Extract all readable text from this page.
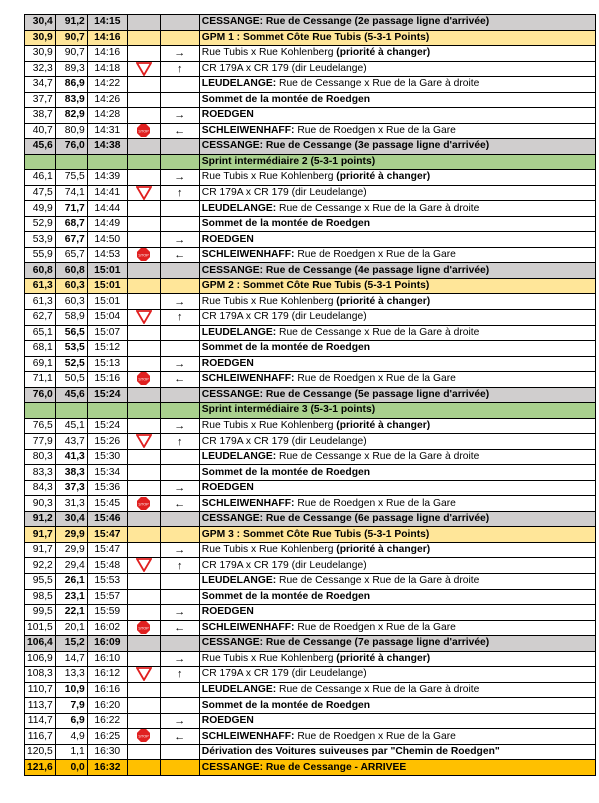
30,4	91,2	14:15			CESSANGE: Rue de Cessange (2e passage ligne d'arrivée)
30,9	90,7	14:16			GPM 1 : Sommet Côte Rue Tubis (5-3-1 Points)
30,9	90,7	14:16		→	Rue Tubis x Rue Kohlenberg (priorité à changer)
32,3	89,3	14:18		↑	CR 179A x CR 179 (dir Leudelange)
34,7	86,9	14:22			LEUDELANGE: Rue de Cessange x Rue de la Gare à droite
37,7	83,9	14:26			Sommet de la montée de Roedgen
38,7	82,9	14:28		→	ROEDGEN
40,7	80,9	14:31	STOP	←	SCHLEIWENHAFF: Rue de Roedgen x Rue de la Gare
45,6	76,0	14:38			CESSANGE: Rue de Cessange (3e passage ligne d'arrivée)
					Sprint intermédiaire 2 (5-3-1 points)
46,1	75,5	14:39		→	Rue Tubis x Rue Kohlenberg (priorité à changer)
47,5	74,1	14:41		↑	CR 179A x CR 179 (dir Leudelange)
49,9	71,7	14:44			LEUDELANGE: Rue de Cessange x Rue de la Gare à droite
52,9	68,7	14:49			Sommet de la montée de Roedgen
53,9	67,7	14:50		→	ROEDGEN
55,9	65,7	14:53	STOP	←	SCHLEIWENHAFF: Rue de Roedgen x Rue de la Gare
60,8	60,8	15:01			CESSANGE: Rue de Cessange (4e passage ligne d'arrivée)
61,3	60,3	15:01			GPM 2 : Sommet Côte Rue Tubis (5-3-1 Points)
61,3	60,3	15:01		→	Rue Tubis x Rue Kohlenberg (priorité à changer)
62,7	58,9	15:04		↑	CR 179A x CR 179 (dir Leudelange)
65,1	56,5	15:07			LEUDELANGE: Rue de Cessange x Rue de la Gare à droite
68,1	53,5	15:12			Sommet de la montée de Roedgen
69,1	52,5	15:13		→	ROEDGEN
71,1	50,5	15:16	STOP	←	SCHLEIWENHAFF: Rue de Roedgen x Rue de la Gare
76,0	45,6	15:24			CESSANGE: Rue de Cessange (5e passage ligne d'arrivée)
					Sprint intermédiaire 3 (5-3-1 points)
76,5	45,1	15:24		→	Rue Tubis x Rue Kohlenberg (priorité à changer)
77,9	43,7	15:26		↑	CR 179A x CR 179 (dir Leudelange)
80,3	41,3	15:30			LEUDELANGE: Rue de Cessange x Rue de la Gare à droite
83,3	38,3	15:34			Sommet de la montée de Roedgen
84,3	37,3	15:36		→	ROEDGEN
90,3	31,3	15:45	STOP	←	SCHLEIWENHAFF: Rue de Roedgen x Rue de la Gare
91,2	30,4	15:46			CESSANGE: Rue de Cessange (6e passage ligne d'arrivée)
91,7	29,9	15:47			GPM 3 : Sommet Côte Rue Tubis (5-3-1 Points)
91,7	29,9	15:47		→	Rue Tubis x Rue Kohlenberg (priorité à changer)
92,2	29,4	15:48		↑	CR 179A x CR 179 (dir Leudelange)
95,5	26,1	15:53			LEUDELANGE: Rue de Cessange x Rue de la Gare à droite
98,5	23,1	15:57			Sommet de la montée de Roedgen
99,5	22,1	15:59		→	ROEDGEN
101,5	20,1	16:02	STOP	←	SCHLEIWENHAFF: Rue de Roedgen x Rue de la Gare
106,4	15,2	16:09			CESSANGE: Rue de Cessange (7e passage ligne d'arrivée)
106,9	14,7	16:10		→	Rue Tubis x Rue Kohlenberg (priorité à changer)
108,3	13,3	16:12		↑	CR 179A x CR 179 (dir Leudelange)
110,7	10,9	16:16			LEUDELANGE: Rue de Cessange x Rue de la Gare à droite
113,7	7,9	16:20			Sommet de la montée de Roedgen
114,7	6,9	16:22		→	ROEDGEN
116,7	4,9	16:25	STOP	←	SCHLEIWENHAFF: Rue de Roedgen x Rue de la Gare
120,5	1,1	16:30			Dérivation des Voitures suiveuses par "Chemin de Roedgen"
121,6	0,0	16:32			CESSANGE: Rue de Cessange - ARRIVEE
